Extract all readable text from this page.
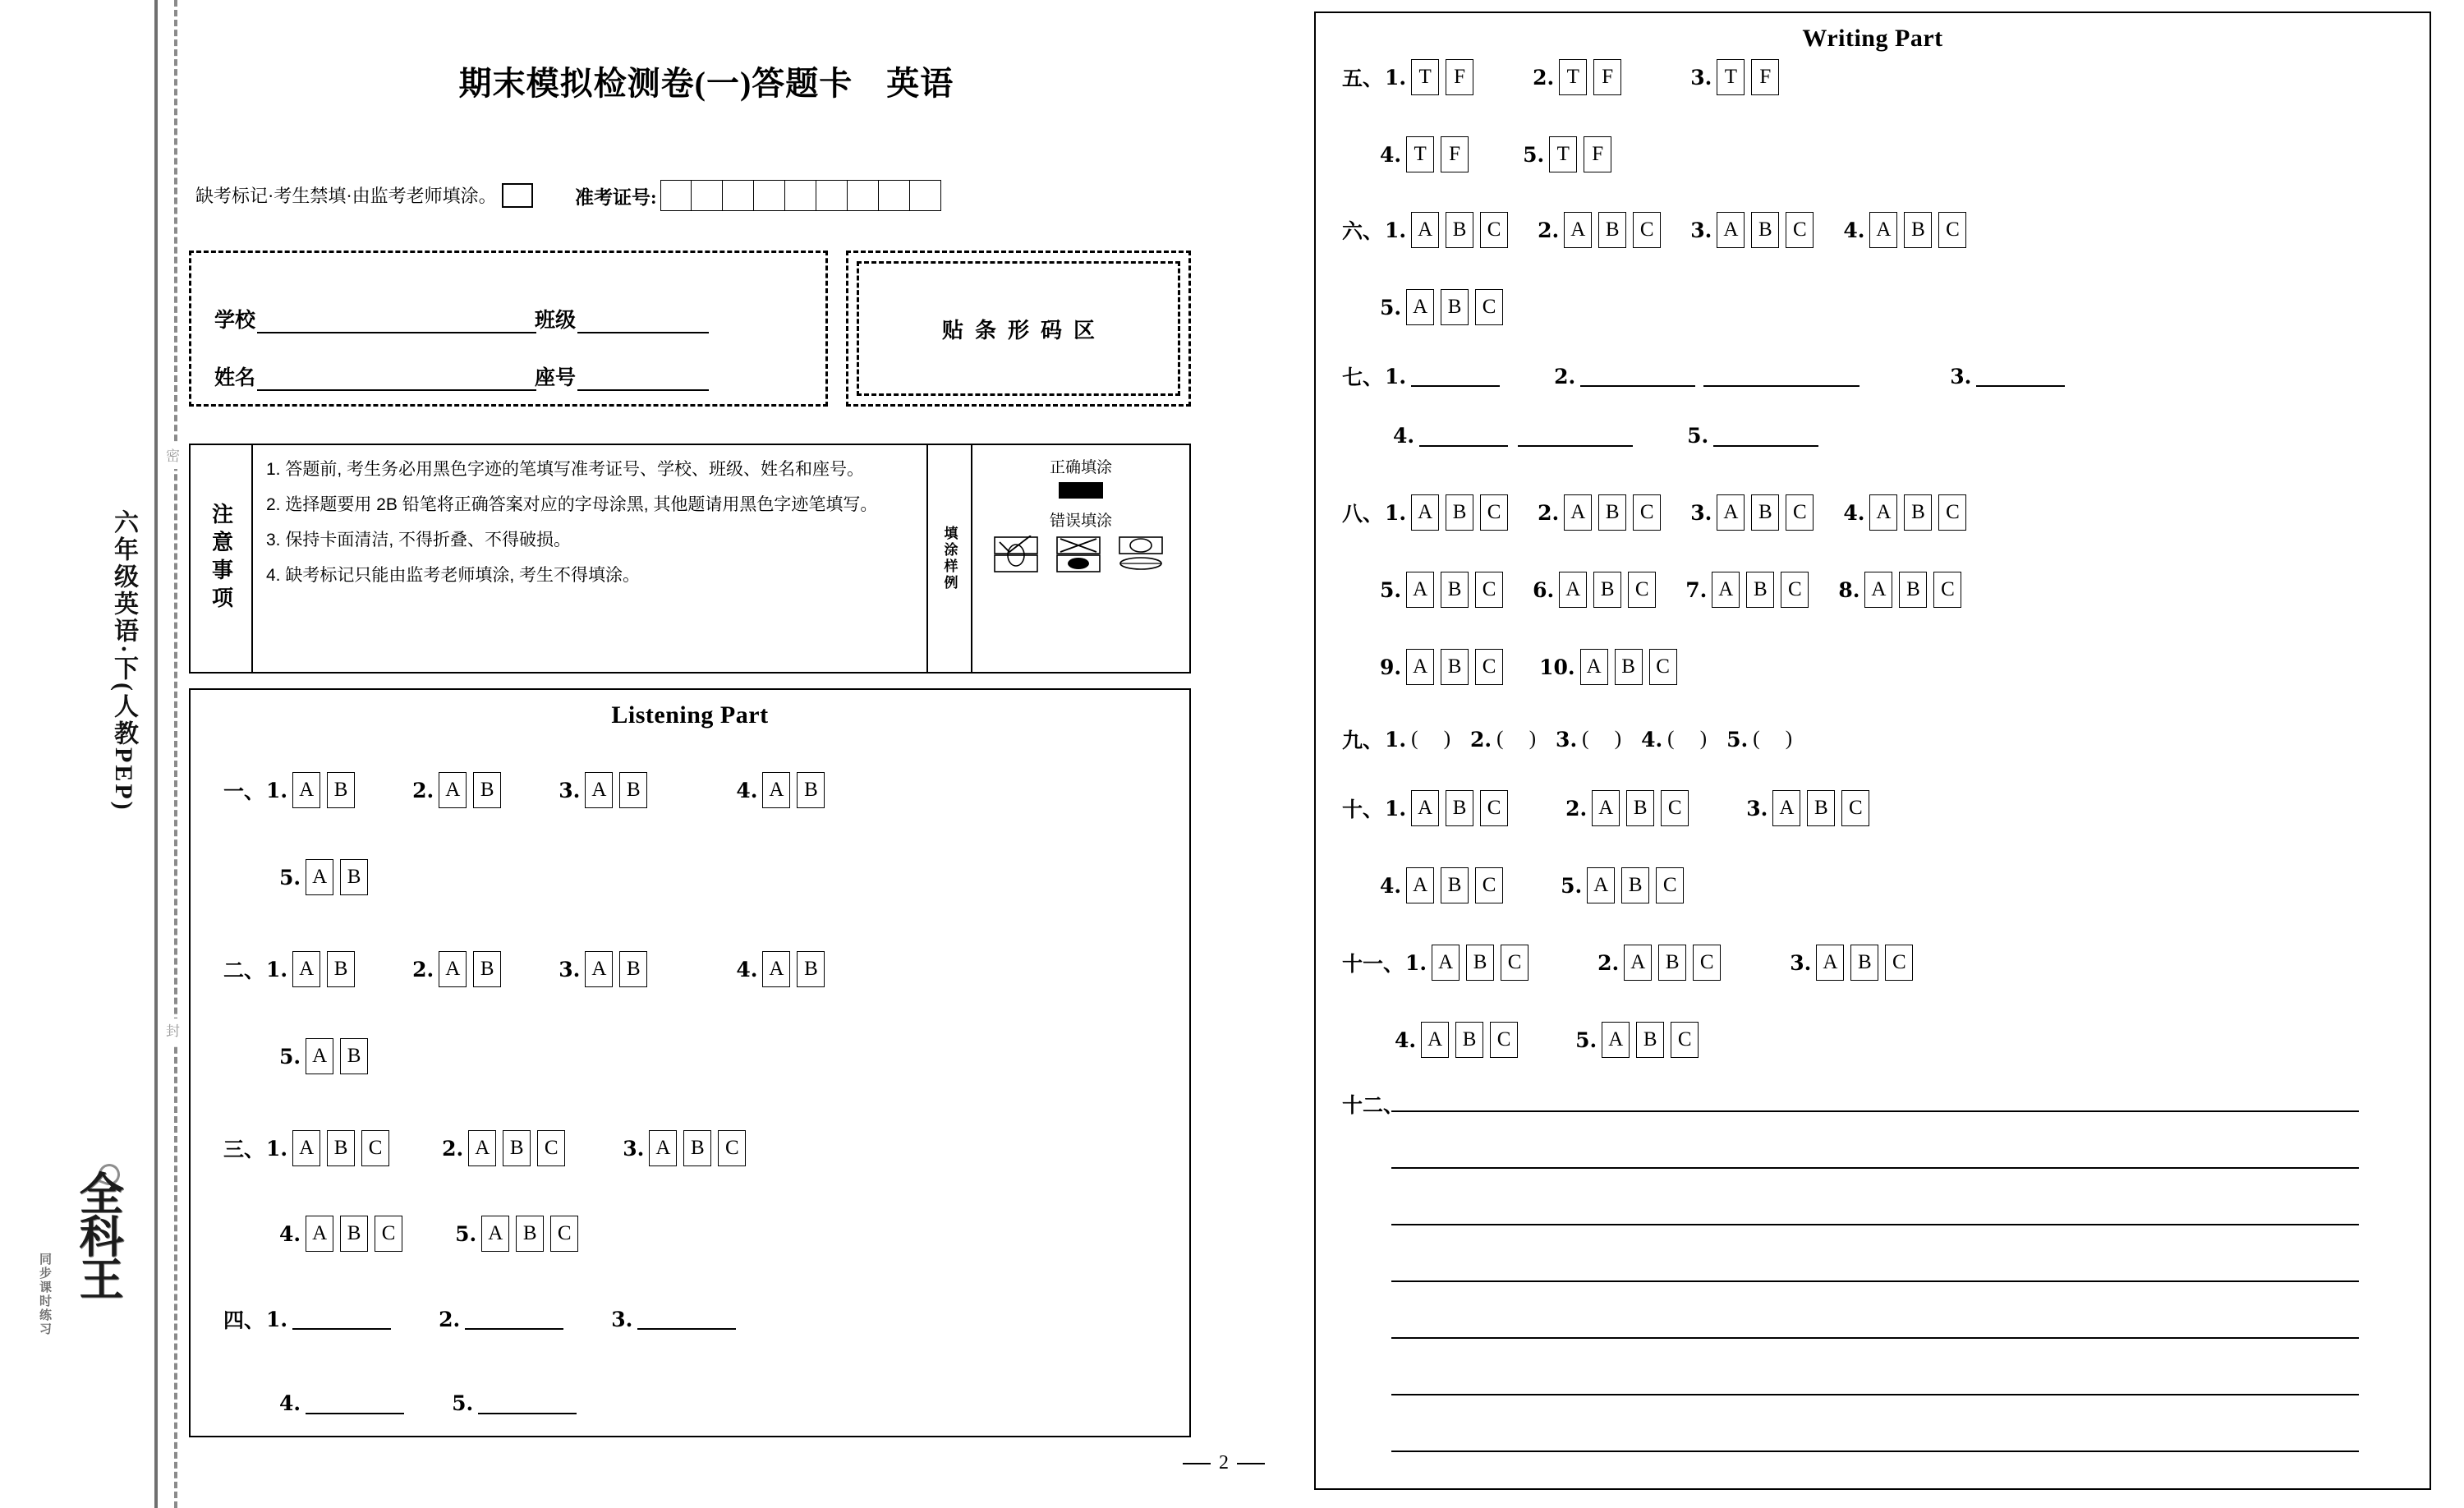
六年级英语·下(人教PEP)
密
封
全科王
同步课时练习
期末模拟检测卷(一)答题卡　英语
缺考标记·考生禁填·由监考老师填涂。	准考证号:
学校	班级
姓名	座号
贴条形码区
注意事项
1. 答题前, 考生务必用黑色字迹的笔填写准考证号、学校、班级、姓名和座号。
2. 选择题要用 2B 铅笔将正确答案对应的字母涂黑, 其他题请用黑色字迹笔填写。
3. 保持卡面清洁, 不得折叠、不得破损。
4. 缺考标记只能由监考老师填涂, 考生不得填涂。	填涂样例
正确填涂
错误填涂
Listening Part
一、 1. A B	2. A B	3. A B	4. A B
5. A B
二、 1. A B	2. A B	3. A B	4. A B
5. A B
三、 1. A B	C	2. A B	C	3. A B	C
4. A B	C	5. A B	C
四、 1.	2.	3.
4.	5.
Writing Part
五、 1. T	F	2. T	F	3. T	F
4. T	F	5. T	F
六、 1. A B	C	2. A B	C	3. A B	C	4. A B	C
5. A B	C
七、 1.	2.	3.
4.	5.
八、 1. A B	C	2. A B	C	3. A B	C	4. A B	C
5. A B	C	6. A B	C	7. A B	C	8. A B	C
9. A B	C	10. A B	C
九、 1. (     ) 2. (     ) 3. (     ) 4. (     ) 5. (     )
十、 1. A B	C	2. A B	C	3. A B	C
4. A B	C	5. A B	C
十一、 1. A B	C	2. A B	C	3. A B	C
4. A B	C	5. A B	C
十二、
2
